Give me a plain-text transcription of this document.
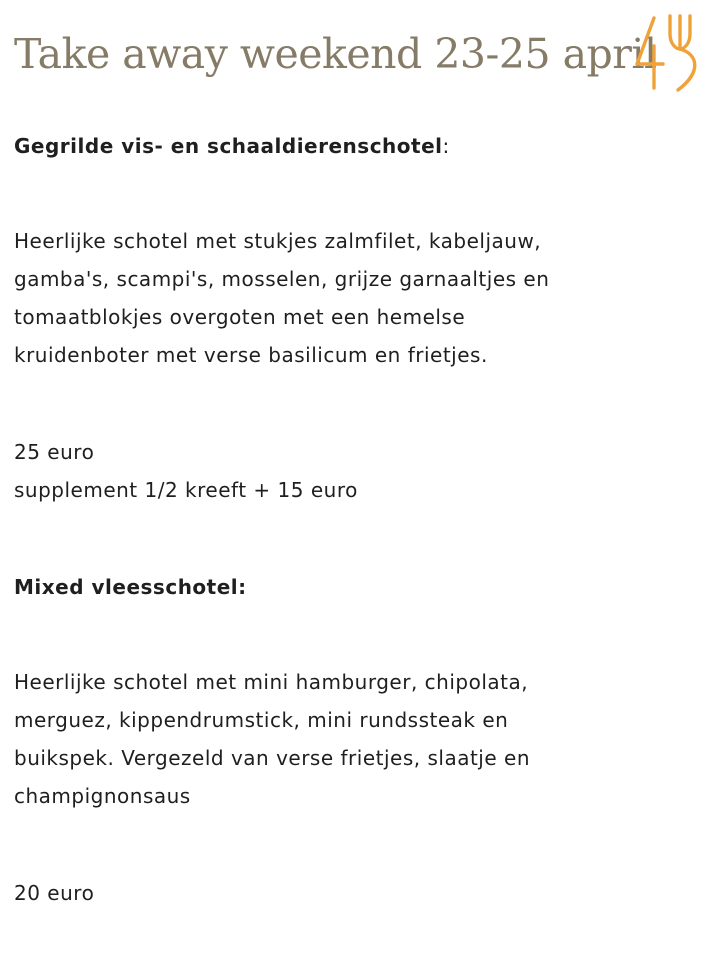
Take away weekend 23-25 april

Gegrilde vis- en schaaldierenschotel:

Heerlijke schotel met stukjes zalmfilet, kabeljauw,

gamba's, scampi's, mosselen, grijze garnaaltjes en

tomaatblokjes overgoten met een hemelse

kruidenboter met verse basilicum en frietjes.

25 euro

supplement 1/2 kreeft + 15 euro

Mixed vleesschotel:

Heerlijke schotel met mini hamburger, chipolata,

merguez, kippendrumstick, mini rundssteak en

buikspek. Vergezeld van verse frietjes, slaatje en

champignonsaus

20 euro
